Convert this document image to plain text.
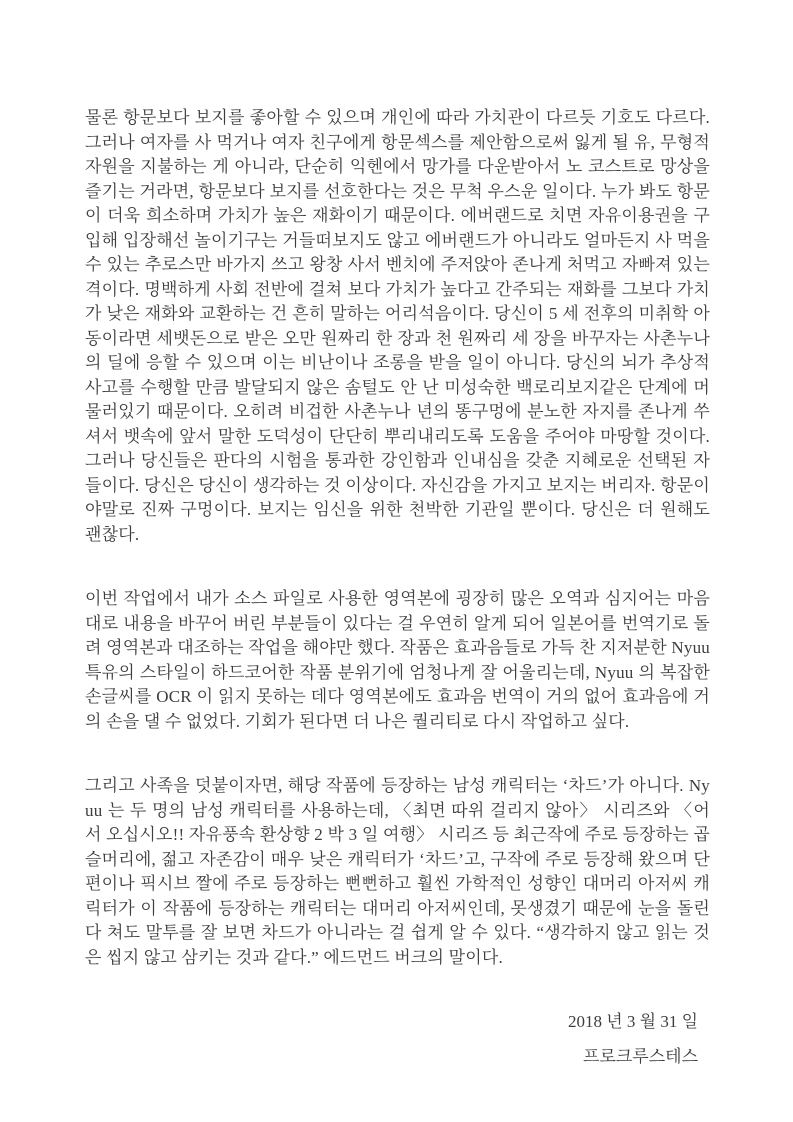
물론 항문보다 보지를 좋아할 수 있으며 개인에 따라 가치관이 다르듯 기호도 다르다. 그러나 여자를 사 먹거나 여자 친구에게 항문섹스를 제안함으로써 잃게 될 유, 무형적 자원을 지불하는 게 아니라, 단순히 익헨에서 망가를 다운받아서 노 코스트로 망상을 즐기는 거라면, 항문보다 보지를 선호한다는 것은 무척 우스운 일이다. 누가 봐도 항문이 더욱 희소하며 가치가 높은 재화이기 때문이다. 에버랜드로 치면 자유이용권을 구입해 입장해선 놀이기구는 거들떠보지도 않고 에버랜드가 아니라도 얼마든지 사 먹을 수 있는 추로스만 바가지 쓰고 왕창 사서 벤치에 주저앉아 존나게 처먹고 자빠져 있는 격이다. 명백하게 사회 전반에 걸쳐 보다 가치가 높다고 간주되는 재화를 그보다 가치가 낮은 재화와 교환하는 건 흔히 말하는 어리석음이다. 당신이 5 세 전후의 미취학 아동이라면 세뱃돈으로 받은 오만 원짜리 한 장과 천 원짜리 세 장을 바꾸자는 사촌누나의 딜에 응할 수 있으며 이는 비난이나 조롱을 받을 일이 아니다. 당신의 뇌가 추상적 사고를 수행할 만큼 발달되지 않은 솜털도 안 난 미성숙한 백로리보지같은 단계에 머물러있기 때문이다. 오히려 비겁한 사촌누나 년의 똥구멍에 분노한 자지를 존나게 쑤셔서 뱃속에 앞서 말한 도덕성이 단단히 뿌리내리도록 도움을 주어야 마땅할 것이다. 그러나 당신들은 판다의 시험을 통과한 강인함과 인내심을 갖춘 지혜로운 선택된 자들이다. 당신은 당신이 생각하는 것 이상이다. 자신감을 가지고 보지는 버리자. 항문이야말로 진짜 구멍이다. 보지는 임신을 위한 천박한 기관일 뿐이다. 당신은 더 원해도 괜찮다.

이번 작업에서 내가 소스 파일로 사용한 영역본에 굉장히 많은 오역과 심지어는 마음대로 내용을 바꾸어 버린 부분들이 있다는 걸 우연히 알게 되어 일본어를 번역기로 돌려 영역본과 대조하는 작업을 해야만 했다. 작품은 효과음들로 가득 찬 지저분한 Nyuu 특유의 스타일이 하드코어한 작품 분위기에 엄청나게 잘 어울리는데, Nyuu 의 복잡한 손글씨를 OCR 이 읽지 못하는 데다 영역본에도 효과음 번역이 거의 없어 효과음에 거의 손을 댈 수 없었다. 기회가 된다면 더 나은 퀄리티로 다시 작업하고 싶다.

그리고 사족을 덧붙이자면, 해당 작품에 등장하는 남성 캐릭터는 ‘차드’가 아니다. Nyuu 는 두 명의 남성 캐릭터를 사용하는데, 〈최면 따위 걸리지 않아〉 시리즈와 〈어서 오십시오!! 자유풍속 환상향 2 박 3 일 여행〉 시리즈 등 최근작에 주로 등장하는 곱슬머리에, 젊고 자존감이 매우 낮은 캐릭터가 ‘차드’고, 구작에 주로 등장해 왔으며 단편이나 픽시브 짤에 주로 등장하는 뻔뻔하고 훨씬 가학적인 성향인 대머리 아저씨 캐릭터가 이 작품에 등장하는 캐릭터는 대머리 아저씨인데, 못생겼기 때문에 눈을 돌린다 쳐도 말투를 잘 보면 차드가 아니라는 걸 쉽게 알 수 있다. “생각하지 않고 읽는 것은 씹지 않고 삼키는 것과 같다.” 에드먼드 버크의 말이다.

2018 년 3 월 31 일

프로크루스테스
